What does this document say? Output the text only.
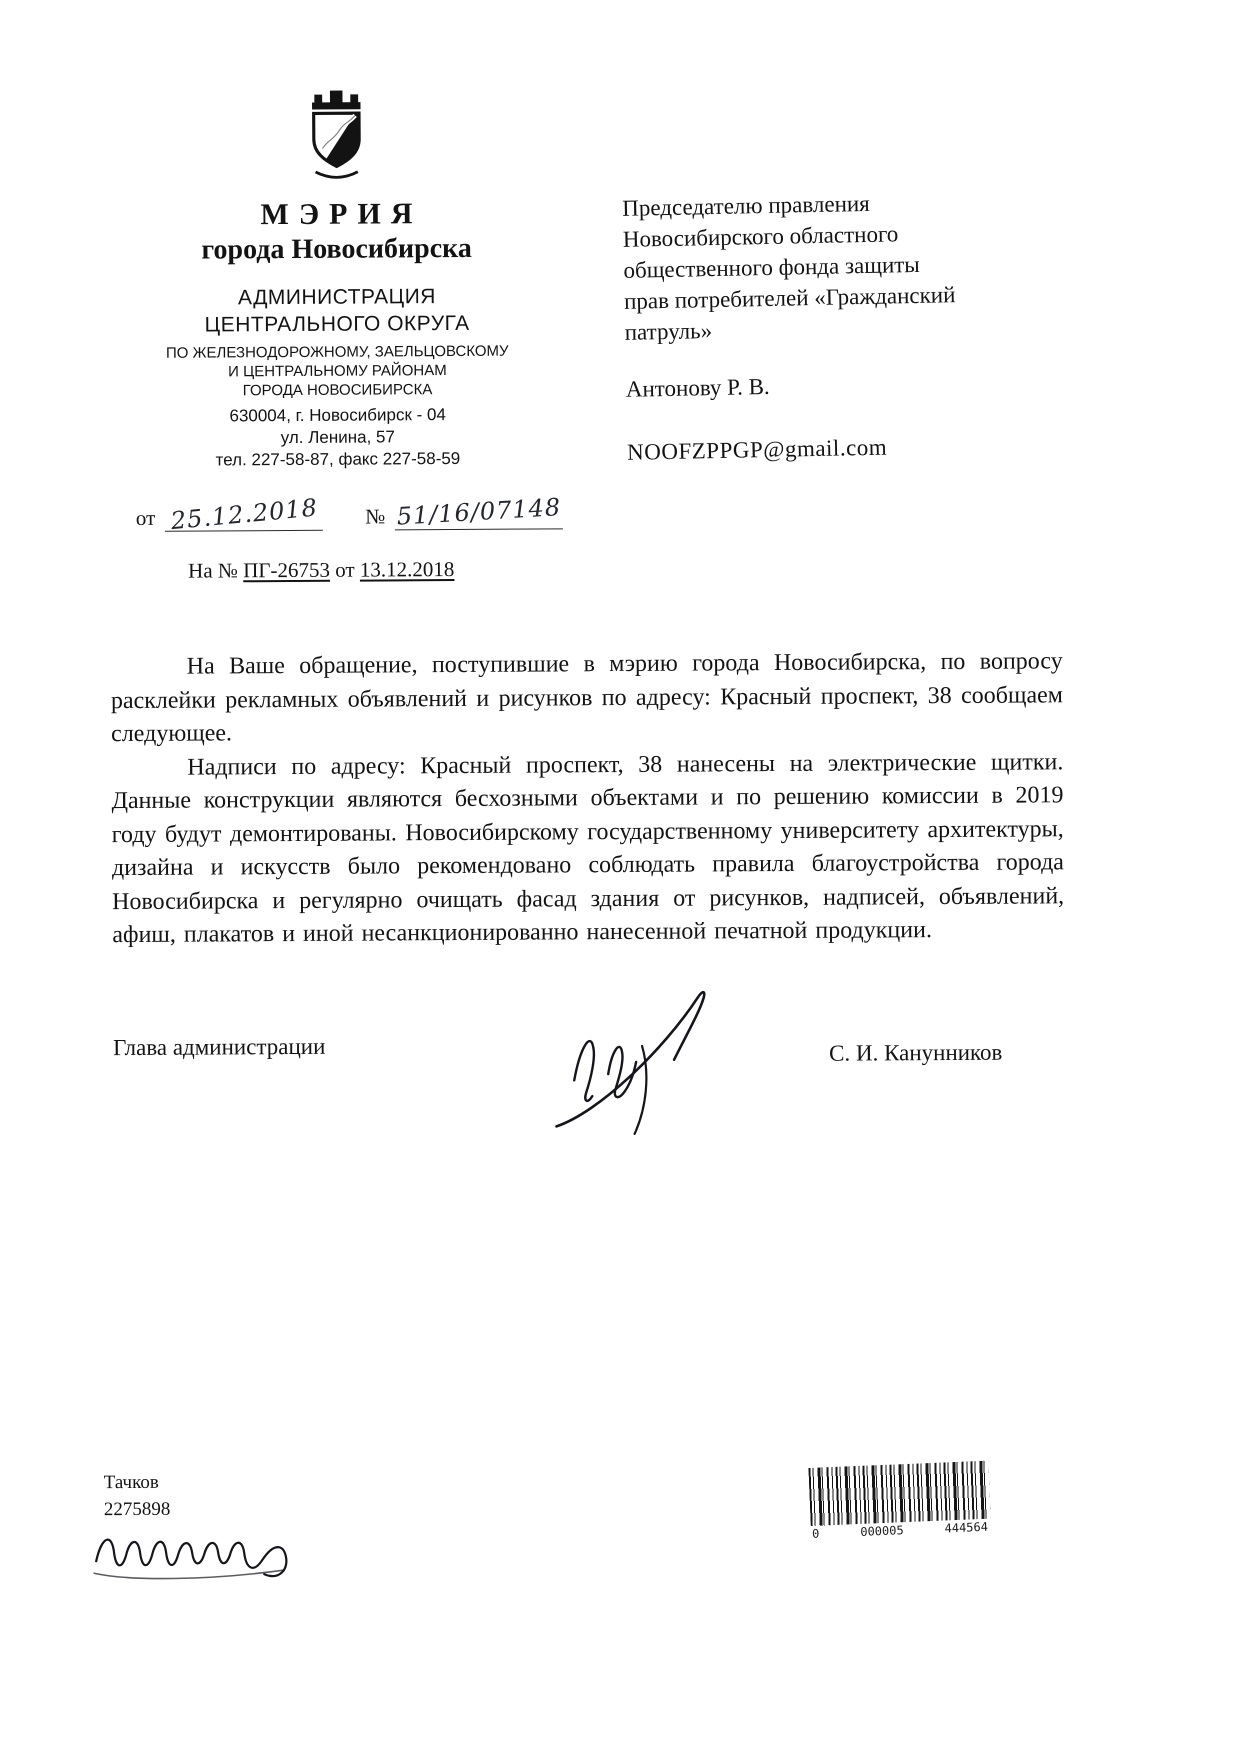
МЭРИЯ
города Новосибирска
АДМИНИСТРАЦИЯ
ЦЕНТРАЛЬНОГО ОКРУГА
ПО ЖЕЛЕЗНОДОРОЖНОМУ, ЗАЕЛЬЦОВСКОМУ
И ЦЕНТРАЛЬНОМУ РАЙОНАМ
ГОРОДА НОВОСИБИРСКА
630004, г. Новосибирск - 04
ул. Ленина, 57
тел. 227-58-87, факс 227-58-59
от 25.12.2018 № 51/16/07148
На № ПГ-26753 от 13.12.2018
Председателю правления
Новосибирского областного
общественного фонда защиты
прав потребителей «Гражданский
патруль»
Антонову Р. В.
NOOFZPPGP@gmail.com

На Ваше обращение, поступившие в мэрию города Новосибирска, по вопросу расклейки рекламных объявлений и рисунков по адресу: Красный проспект, 38 сообщаем следующее.

Надписи по адресу: Красный проспект, 38 нанесены на электрические щитки. Данные конструкции являются бесхозными объектами и по решению комиссии в 2019 году будут демонтированы. Новосибирскому государственному университету архитектуры, дизайна и искусств было рекомендовано соблюдать правила благоустройства города Новосибирска и регулярно очищать фасад здания от рисунков, надписей, объявлений, афиш, плакатов и иной несанкционированно нанесенной печатной продукции.

Глава администрации	С. И. Канунников
Тачков
2275898
0	000005	444564
